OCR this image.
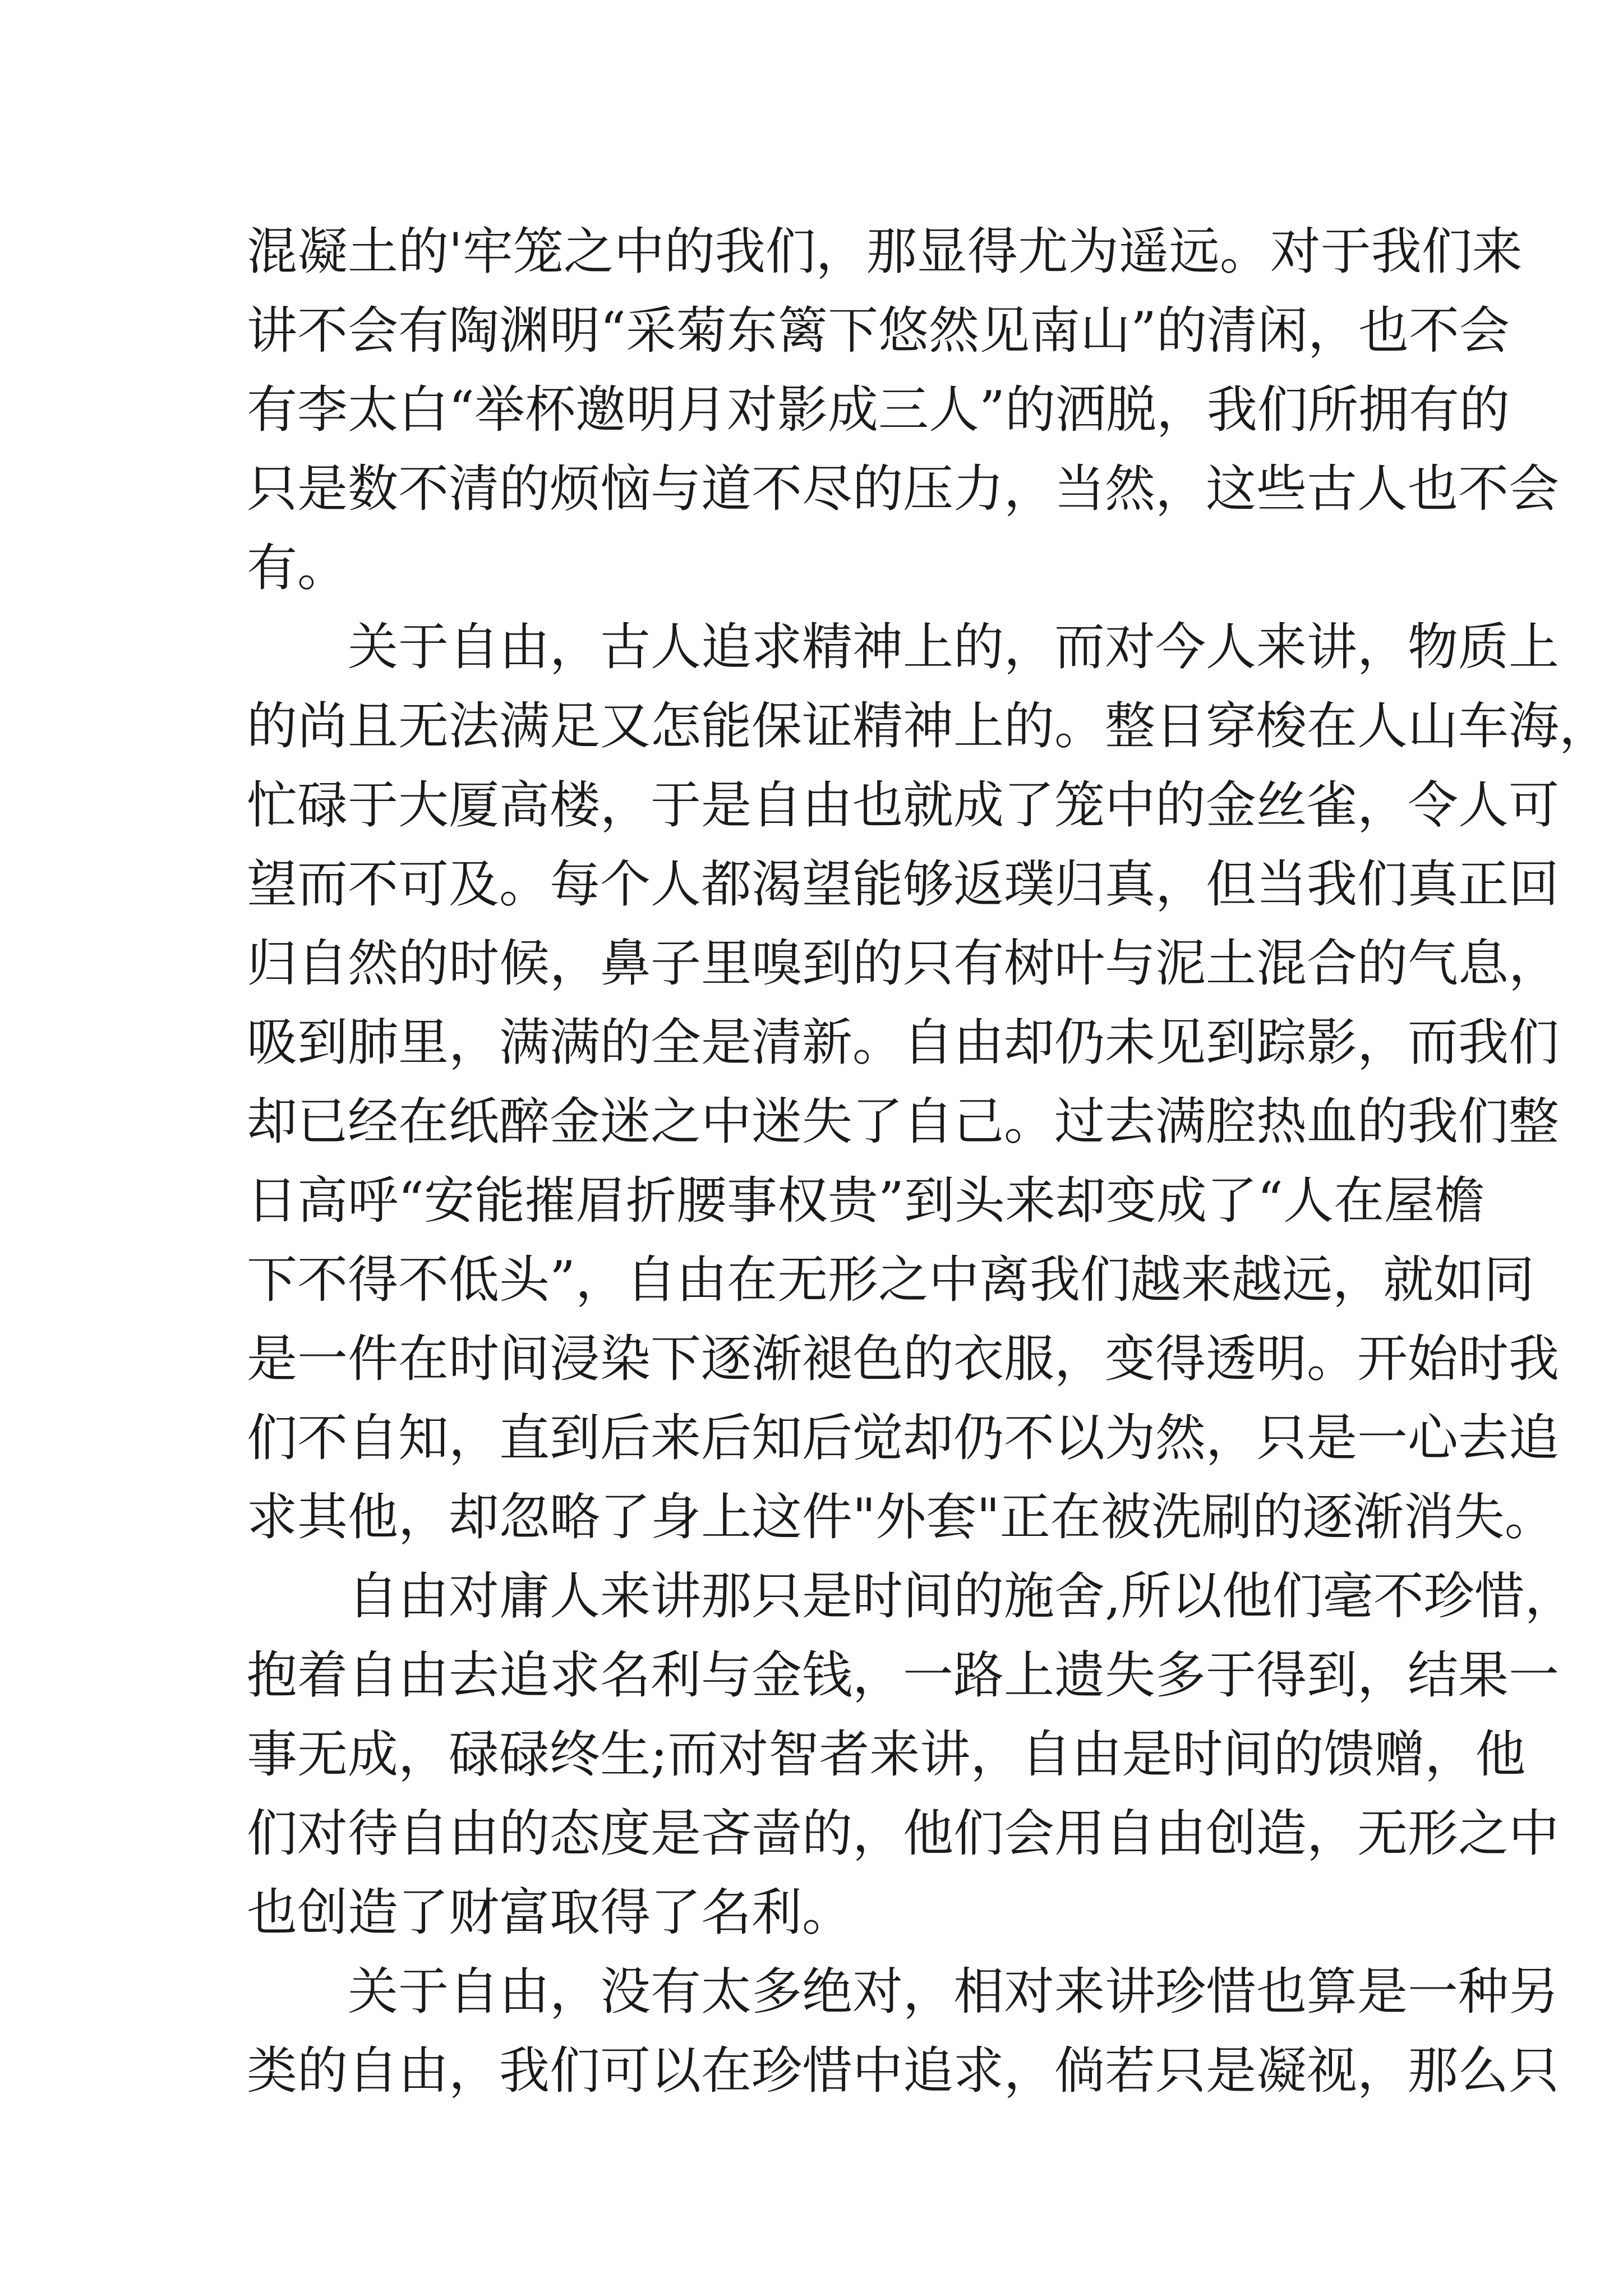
混凝土的'牢笼之中的我们，那显得尤为遥远。对于我们来
讲不会有陶渊明“采菊东篱下悠然见南山”的清闲，也不会
有李太白“举杯邀明月对影成三人”的洒脱，我们所拥有的
只是数不清的烦恼与道不尽的压力，当然，这些古人也不会
有。
关于自由，古人追求精神上的，而对今人来讲，物质上
的尚且无法满足又怎能保证精神上的。整日穿梭在人山车海，
忙碌于大厦高楼，于是自由也就成了笼中的金丝雀，令人可
望而不可及。每个人都渴望能够返璞归真，但当我们真正回
归自然的时候，鼻子里嗅到的只有树叶与泥土混合的气息，
吸到肺里，满满的全是清新。自由却仍未见到踪影，而我们
却已经在纸醉金迷之中迷失了自己。过去满腔热血的我们整
日高呼“安能摧眉折腰事权贵”到头来却变成了“人在屋檐
下不得不低头”，自由在无形之中离我们越来越远，就如同
是一件在时间浸染下逐渐褪色的衣服，变得透明。开始时我
们不自知，直到后来后知后觉却仍不以为然，只是一心去追
求其他，却忽略了身上这件"外套"正在被洗刷的逐渐消失。
自由对庸人来讲那只是时间的施舍,所以他们毫不珍惜，
抱着自由去追求名利与金钱，一路上遗失多于得到，结果一
事无成，碌碌终生;而对智者来讲，自由是时间的馈赠，他
们对待自由的态度是吝啬的，他们会用自由创造，无形之中
也创造了财富取得了名利。
关于自由，没有太多绝对，相对来讲珍惜也算是一种另
类的自由，我们可以在珍惜中追求，倘若只是凝视，那么只
